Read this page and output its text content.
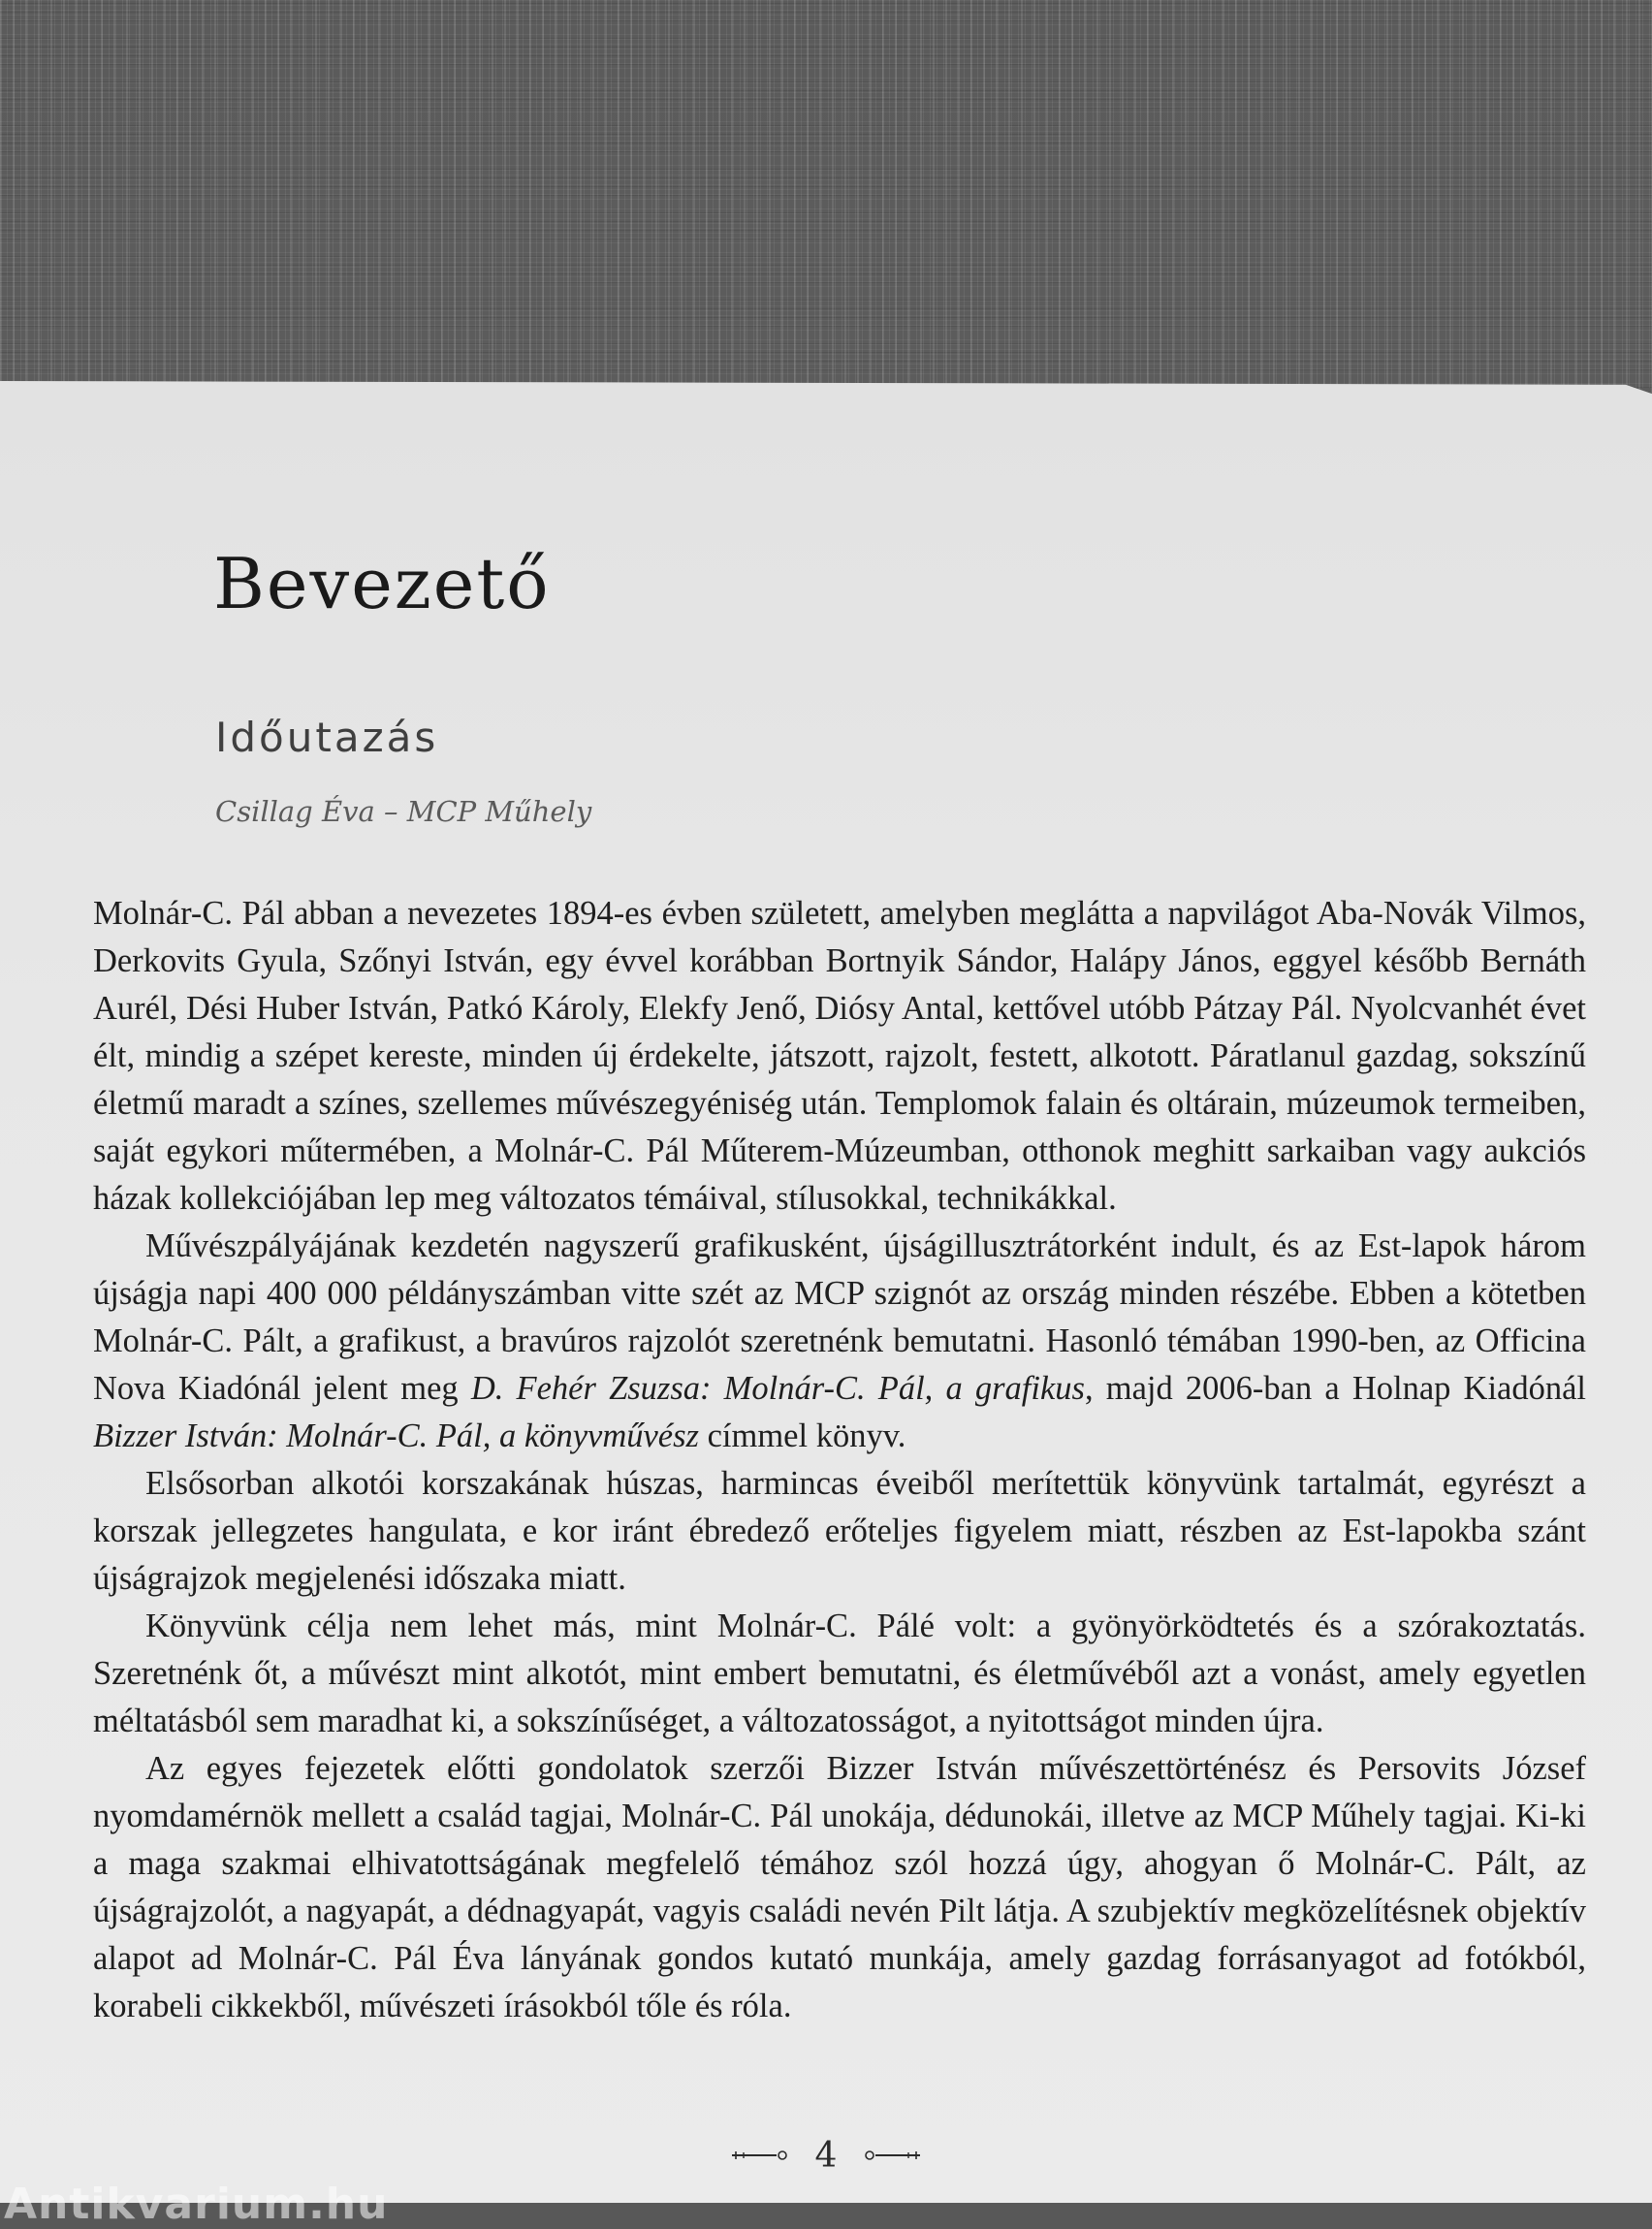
Bevezető
Időutazás

Csillag Éva – MCP Műhely

Molnár-C. Pál abban a nevezetes 1894-es évben született, amelyben meglátta a napvilágot Aba-Novák Vilmos, Derkovits Gyula, Szőnyi István, egy évvel korábban Bortnyik Sándor, Halápy János, eggyel később Bernáth Aurél, Dési Huber István, Patkó Károly, Elekfy Jenő, Diósy Antal, kettővel utóbb Pátzay Pál. Nyolcvanhét évet élt, mindig a szépet kereste, minden új érdekelte, játszott, rajzolt, festett, alkotott. Páratlanul gazdag, sokszínű életmű maradt a színes, szellemes művészegyéniség után. Templomok falain és oltárain, múzeumok termeiben, saját egykori műtermében, a Molnár-C. Pál Műterem-Múzeumban, otthonok meghitt sarkaiban vagy aukciós házak kollekciójában lep meg változatos témáival, stílusokkal, technikákkal.

Művészpályájának kezdetén nagyszerű grafikusként, újságillusztrátorként indult, és az Est-lapok három újságja napi 400 000 példányszámban vitte szét az MCP szignót az ország minden részébe. Ebben a kötetben Molnár-C. Pált, a grafikust, a bravúros rajzolót szeretnénk bemutatni. Hasonló témában 1990-ben, az Officina Nova Kiadónál jelent meg D. Fehér Zsuzsa: Molnár-C. Pál, a grafikus, majd 2006-ban a Holnap Kiadónál Bizzer István: Molnár-C. Pál, a könyvművész címmel könyv.

Elsősorban alkotói korszakának húszas, harmincas éveiből merítettük könyvünk tartalmát, egyrészt a korszak jellegzetes hangulata, e kor iránt ébredező erőteljes figyelem miatt, részben az Est-lapokba szánt újságrajzok megjelenési időszaka miatt.

Könyvünk célja nem lehet más, mint Molnár-C. Pálé volt: a gyönyörködtetés és a szórakoztatás. Szeretnénk őt, a művészt mint alkotót, mint embert bemutatni, és életművéből azt a vonást, amely egyetlen méltatásból sem maradhat ki, a sokszínűséget, a változatosságot, a nyitottságot minden újra.

Az egyes fejezetek előtti gondolatok szerzői Bizzer István művészettörténész és Persovits József nyomdamérnök mellett a család tagjai, Molnár-C. Pál unokája, dédunokái, illetve az MCP Műhely tagjai. Ki-ki a maga szakmai elhivatottságának megfelelő témához szól hozzá úgy, ahogyan ő Molnár-C. Pált, az újságrajzolót, a nagyapát, a dédnagyapát, vagyis családi nevén Pilt látja. A szubjektív megközelítésnek objektív alapot ad Molnár-C. Pál Éva lányának gondos kutató munkája, amely gazdag forrásanyagot ad fotókból, korabeli cikkekből, művészeti írásokból tőle és róla.

4
Antikvarium.hu
